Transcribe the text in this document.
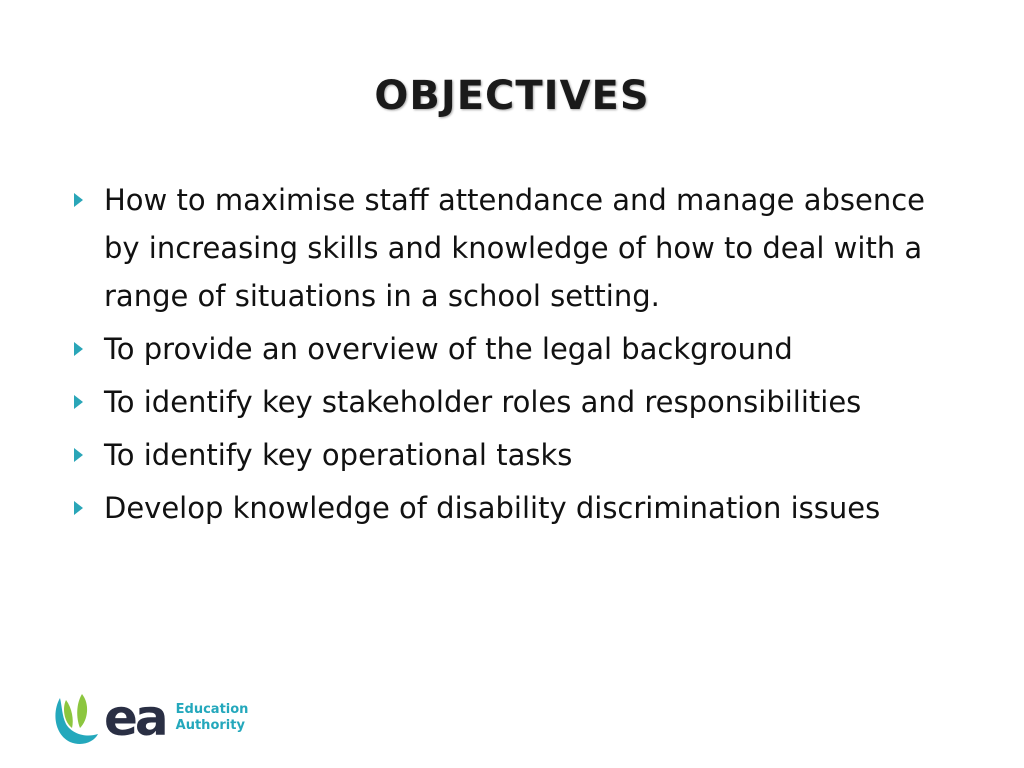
OBJECTIVES
How to maximise staff attendance and manage absence by increasing skills and knowledge of how to deal with a range of situations in a school setting.
To provide an overview of the legal background
To identify key stakeholder roles and responsibilities
To identify key operational tasks
Develop knowledge of disability discrimination issues
ea Education
Authority
